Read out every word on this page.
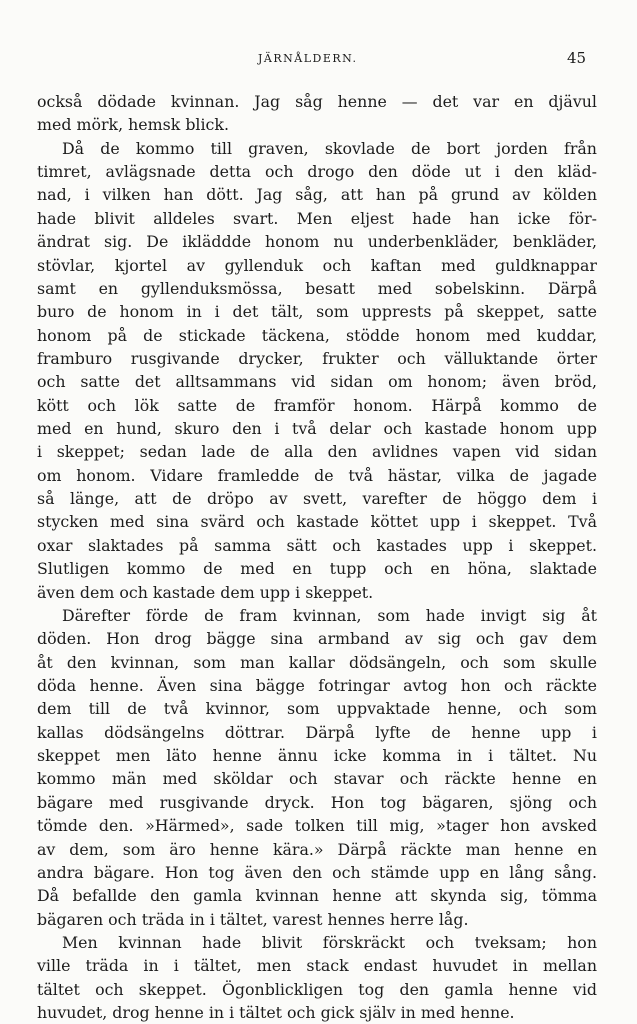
JÄRNÅLDERN.	45
också dödade kvinnan. Jag såg henne — det var en djävul
med mörk, hemsk blick.
Då de kommo till graven, skovlade de bort jorden från
timret, avlägsnade detta och drogo den döde ut i den kläd-
nad, i vilken han dött. Jag såg, att han på grund av kölden
hade blivit alldeles svart. Men eljest hade han icke för-
ändrat sig. De ikläddde honom nu underbenkläder, benkläder,
stövlar, kjortel av gyllenduk och kaftan med guldknappar
samt en gyllenduksmössa, besatt med sobelskinn. Därpå
buro de honom in i det tält, som upprests på skeppet, satte
honom på de stickade täckena, stödde honom med kuddar,
framburo rusgivande drycker, frukter och välluktande örter
och satte det alltsammans vid sidan om honom; även bröd,
kött och lök satte de framför honom. Härpå kommo de
med en hund, skuro den i två delar och kastade honom upp
i skeppet; sedan lade de alla den avlidnes vapen vid sidan
om honom. Vidare framledde de två hästar, vilka de jagade
så länge, att de dröpo av svett, varefter de höggo dem i
stycken med sina svärd och kastade köttet upp i skeppet. Två
oxar slaktades på samma sätt och kastades upp i skeppet.
Slutligen kommo de med en tupp och en höna, slaktade
även dem och kastade dem upp i skeppet.
Därefter förde de fram kvinnan, som hade invigt sig åt
döden. Hon drog bägge sina armband av sig och gav dem
åt den kvinnan, som man kallar dödsängeln, och som skulle
döda henne. Även sina bägge fotringar avtog hon och räckte
dem till de två kvinnor, som uppvaktade henne, och som
kallas dödsängelns döttrar. Därpå lyfte de henne upp i
skeppet men läto henne ännu icke komma in i tältet. Nu
kommo män med sköldar och stavar och räckte henne en
bägare med rusgivande dryck. Hon tog bägaren, sjöng och
tömde den. »Härmed», sade tolken till mig, »tager hon avsked
av dem, som äro henne kära.» Därpå räckte man henne en
andra bägare. Hon tog även den och stämde upp en lång sång.
Då befallde den gamla kvinnan henne att skynda sig, tömma
bägaren och träda in i tältet, varest hennes herre låg.
Men kvinnan hade blivit förskräckt och tveksam; hon
ville träda in i tältet, men stack endast huvudet in mellan
tältet och skeppet. Ögonblickligen tog den gamla henne vid
huvudet, drog henne in i tältet och gick själv in med henne.
